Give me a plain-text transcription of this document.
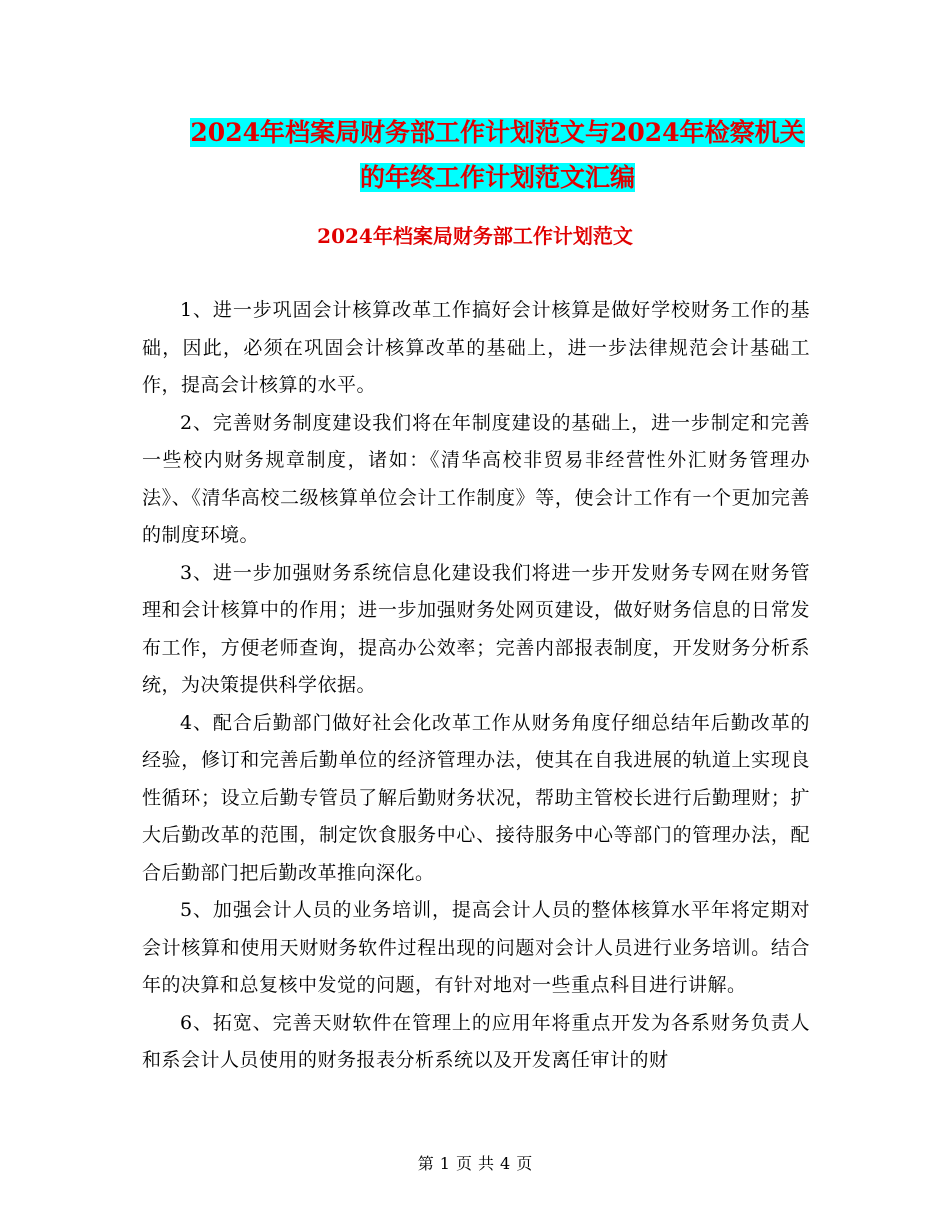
2024年档案局财务部工作计划范文与2024年检察机关
的年终工作计划范文汇编
2024年档案局财务部工作计划范文

1、进一步巩固会计核算改革工作搞好会计核算是做好学校财务工作的基础，因此，必须在巩固会计核算改革的基础上，进一步法律规范会计基础工作，提高会计核算的水平。

2、完善财务制度建设我们将在年制度建设的基础上，进一步制定和完善一些校内财务规章制度，诸如：《清华高校非贸易非经营性外汇财务管理办法》、《清华高校二级核算单位会计工作制度》等，使会计工作有一个更加完善的制度环境。

3、进一步加强财务系统信息化建设我们将进一步开发财务专网在财务管理和会计核算中的作用；进一步加强财务处网页建设，做好财务信息的日常发布工作，方便老师查询，提高办公效率；完善内部报表制度，开发财务分析系统，为决策提供科学依据。

4、配合后勤部门做好社会化改革工作从财务角度仔细总结年后勤改革的经验，修订和完善后勤单位的经济管理办法，使其在自我进展的轨道上实现良性循环；设立后勤专管员了解后勤财务状况，帮助主管校长进行后勤理财；扩大后勤改革的范围，制定饮食服务中心、接待服务中心等部门的管理办法，配合后勤部门把后勤改革推向深化。

5、加强会计人员的业务培训，提高会计人员的整体核算水平年将定期对会计核算和使用天财财务软件过程出现的问题对会计人员进行业务培训。结合年的决算和总复核中发觉的问题，有针对地对一些重点科目进行讲解。

6、拓宽、完善天财软件在管理上的应用年将重点开发为各系财务负责人和系会计人员使用的财务报表分析系统以及开发离任审计的财

第 1 页 共 4 页
